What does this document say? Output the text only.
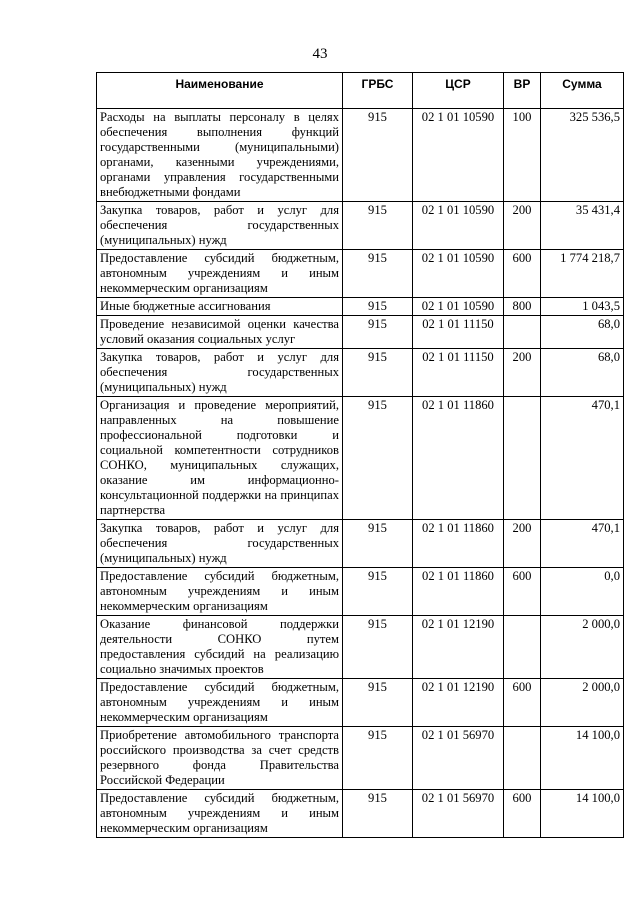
43
Наименование	ГРБС	ЦСР	ВР	Сумма
Расходы на выплаты персоналу в целях обеспечения выполнения функций государственными (муниципальными) органами, казенными учреждениями, органами управления государственными внебюджетными фондами	915	02 1 01 10590	100	325 536,5
Закупка товаров, работ и услуг для обеспечения государственных (муниципальных) нужд	915	02 1 01 10590	200	35 431,4
Предоставление субсидий бюджетным, автономным учреждениям и иным некоммерческим организациям	915	02 1 01 10590	600	1 774 218,7
Иные бюджетные ассигнования	915	02 1 01 10590	800	1 043,5
Проведение независимой оценки качества условий оказания социальных услуг	915	02 1 01 11150		68,0
Закупка товаров, работ и услуг для обеспечения государственных (муниципальных) нужд	915	02 1 01 11150	200	68,0
Организация и проведение мероприятий, направленных на повышение профессиональной подготовки и социальной компетентности сотрудников СОНКО, муниципальных служащих, оказание им информационно-консультационной поддержки на принципах партнерства	915	02 1 01 11860		470,1
Закупка товаров, работ и услуг для обеспечения государственных (муниципальных) нужд	915	02 1 01 11860	200	470,1
Предоставление субсидий бюджетным, автономным учреждениям и иным некоммерческим организациям	915	02 1 01 11860	600	0,0
Оказание финансовой поддержки деятельности СОНКО путем предоставления субсидий на реализацию социально значимых проектов	915	02 1 01 12190		2 000,0
Предоставление субсидий бюджетным, автономным учреждениям и иным некоммерческим организациям	915	02 1 01 12190	600	2 000,0
Приобретение автомобильного транспорта российского производства за счет средств резервного фонда Правительства Российской Федерации	915	02 1 01 56970		14 100,0
Предоставление субсидий бюджетным, автономным учреждениям и иным некоммерческим организациям	915	02 1 01 56970	600	14 100,0
